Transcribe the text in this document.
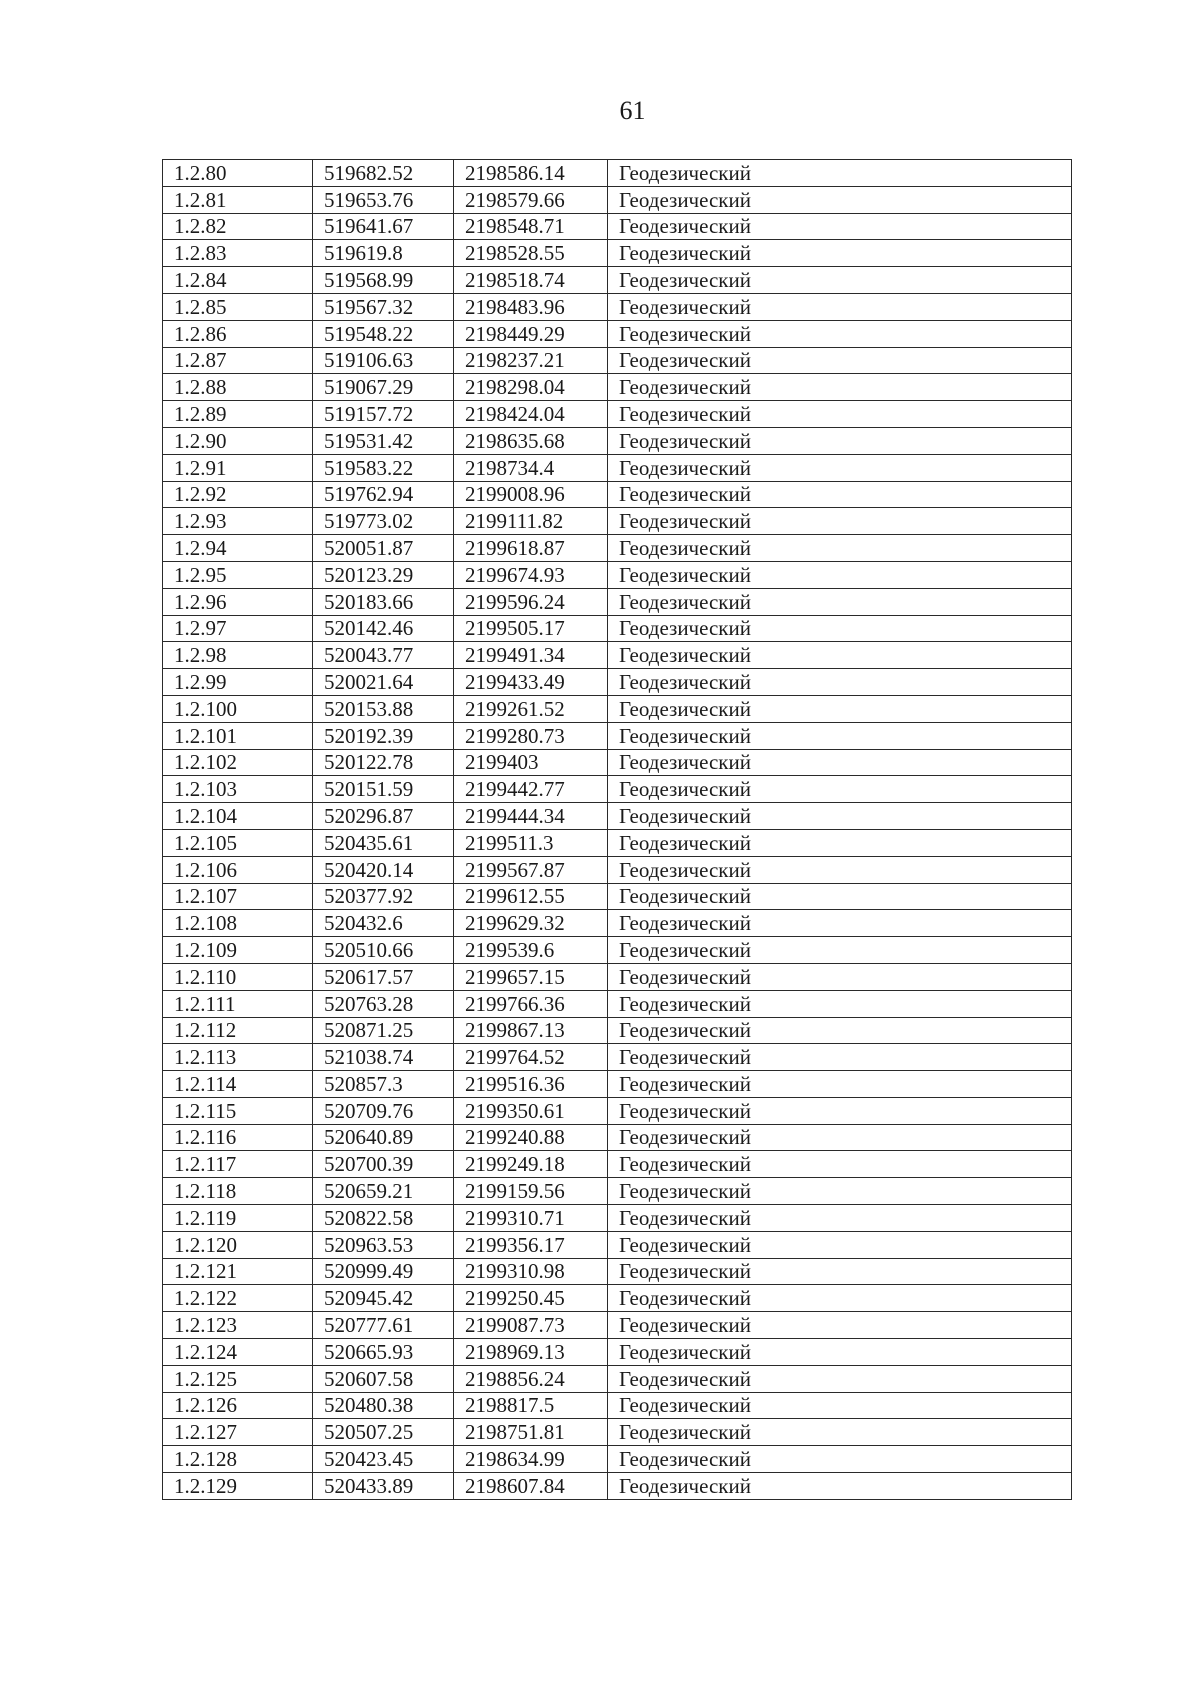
61
1.2.80	519682.52	2198586.14	Геодезический
1.2.81	519653.76	2198579.66	Геодезический
1.2.82	519641.67	2198548.71	Геодезический
1.2.83	519619.8	2198528.55	Геодезический
1.2.84	519568.99	2198518.74	Геодезический
1.2.85	519567.32	2198483.96	Геодезический
1.2.86	519548.22	2198449.29	Геодезический
1.2.87	519106.63	2198237.21	Геодезический
1.2.88	519067.29	2198298.04	Геодезический
1.2.89	519157.72	2198424.04	Геодезический
1.2.90	519531.42	2198635.68	Геодезический
1.2.91	519583.22	2198734.4	Геодезический
1.2.92	519762.94	2199008.96	Геодезический
1.2.93	519773.02	2199111.82	Геодезический
1.2.94	520051.87	2199618.87	Геодезический
1.2.95	520123.29	2199674.93	Геодезический
1.2.96	520183.66	2199596.24	Геодезический
1.2.97	520142.46	2199505.17	Геодезический
1.2.98	520043.77	2199491.34	Геодезический
1.2.99	520021.64	2199433.49	Геодезический
1.2.100	520153.88	2199261.52	Геодезический
1.2.101	520192.39	2199280.73	Геодезический
1.2.102	520122.78	2199403	Геодезический
1.2.103	520151.59	2199442.77	Геодезический
1.2.104	520296.87	2199444.34	Геодезический
1.2.105	520435.61	2199511.3	Геодезический
1.2.106	520420.14	2199567.87	Геодезический
1.2.107	520377.92	2199612.55	Геодезический
1.2.108	520432.6	2199629.32	Геодезический
1.2.109	520510.66	2199539.6	Геодезический
1.2.110	520617.57	2199657.15	Геодезический
1.2.111	520763.28	2199766.36	Геодезический
1.2.112	520871.25	2199867.13	Геодезический
1.2.113	521038.74	2199764.52	Геодезический
1.2.114	520857.3	2199516.36	Геодезический
1.2.115	520709.76	2199350.61	Геодезический
1.2.116	520640.89	2199240.88	Геодезический
1.2.117	520700.39	2199249.18	Геодезический
1.2.118	520659.21	2199159.56	Геодезический
1.2.119	520822.58	2199310.71	Геодезический
1.2.120	520963.53	2199356.17	Геодезический
1.2.121	520999.49	2199310.98	Геодезический
1.2.122	520945.42	2199250.45	Геодезический
1.2.123	520777.61	2199087.73	Геодезический
1.2.124	520665.93	2198969.13	Геодезический
1.2.125	520607.58	2198856.24	Геодезический
1.2.126	520480.38	2198817.5	Геодезический
1.2.127	520507.25	2198751.81	Геодезический
1.2.128	520423.45	2198634.99	Геодезический
1.2.129	520433.89	2198607.84	Геодезический
